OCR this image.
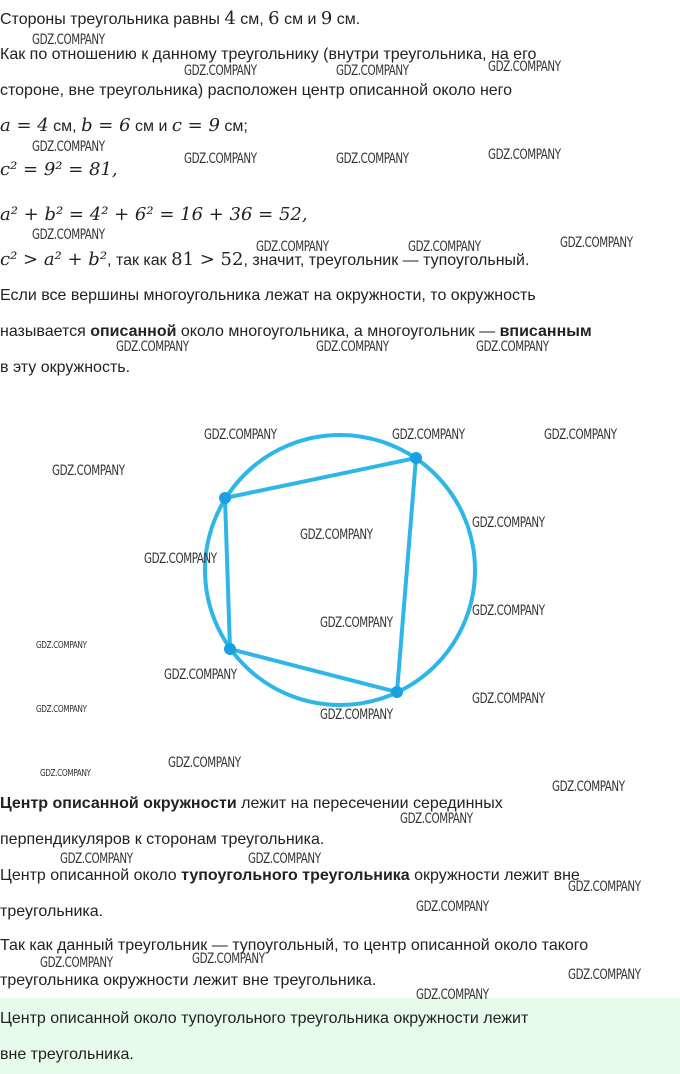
Стороны треугольника равны 4 см, 6 см и 9 см.
Как по отношению к данному треугольнику (внутри треугольника, на его
стороне, вне треугольника) расположен центр описанной около него
a = 4 см, b = 6 см и c = 9 см;
c² = 9² = 81,
a² + b² = 4² + 6² = 16 + 36 = 52,
c² > a² + b², так как 81 > 52, значит, треугольник — тупоугольный.
Если все вершины многоугольника лежат на окружности, то окружность
называется описанной около многоугольника, а многоугольник — вписанным
в эту окружность.
Центр описанной окружности лежит на пересечении серединных
перпендикуляров к сторонам треугольника.
Центр описанной около тупоугольного треугольника окружности лежит вне
треугольника.
Так как данный треугольник — тупоугольный, то центр описанной около такого
треугольника окружности лежит вне треугольника.
Центр описанной около тупоугольного треугольника окружности лежит
вне треугольника.
GDZ.COMPANY
GDZ.COMPANY	GDZ.COMPANY	GDZ.COMPANY
GDZ.COMPANY
GDZ.COMPANY	GDZ.COMPANY	GDZ.COMPANY
GDZ.COMPANY
GDZ.COMPANY	GDZ.COMPANY	GDZ.COMPANY
GDZ.COMPANY	GDZ.COMPANY	GDZ.COMPANY
GDZ.COMPANY	GDZ.COMPANY	GDZ.COMPANY
GDZ.COMPANY
GDZ.COMPANY
GDZ.COMPANY
GDZ.COMPANY
GDZ.COMPANY
GDZ.COMPANY
GDZ.COMPANY
GDZ.COMPANY
GDZ.COMPANY
GDZ.COMPANY	GDZ.COMPANY
GDZ.COMPANY
GDZ.COMPANY
GDZ.COMPANY
GDZ.COMPANY
GDZ.COMPANY	GDZ.COMPANY
GDZ.COMPANY
GDZ.COMPANY
GDZ.COMPANY
GDZ.COMPANY
GDZ.COMPANY
GDZ.COMPANY
